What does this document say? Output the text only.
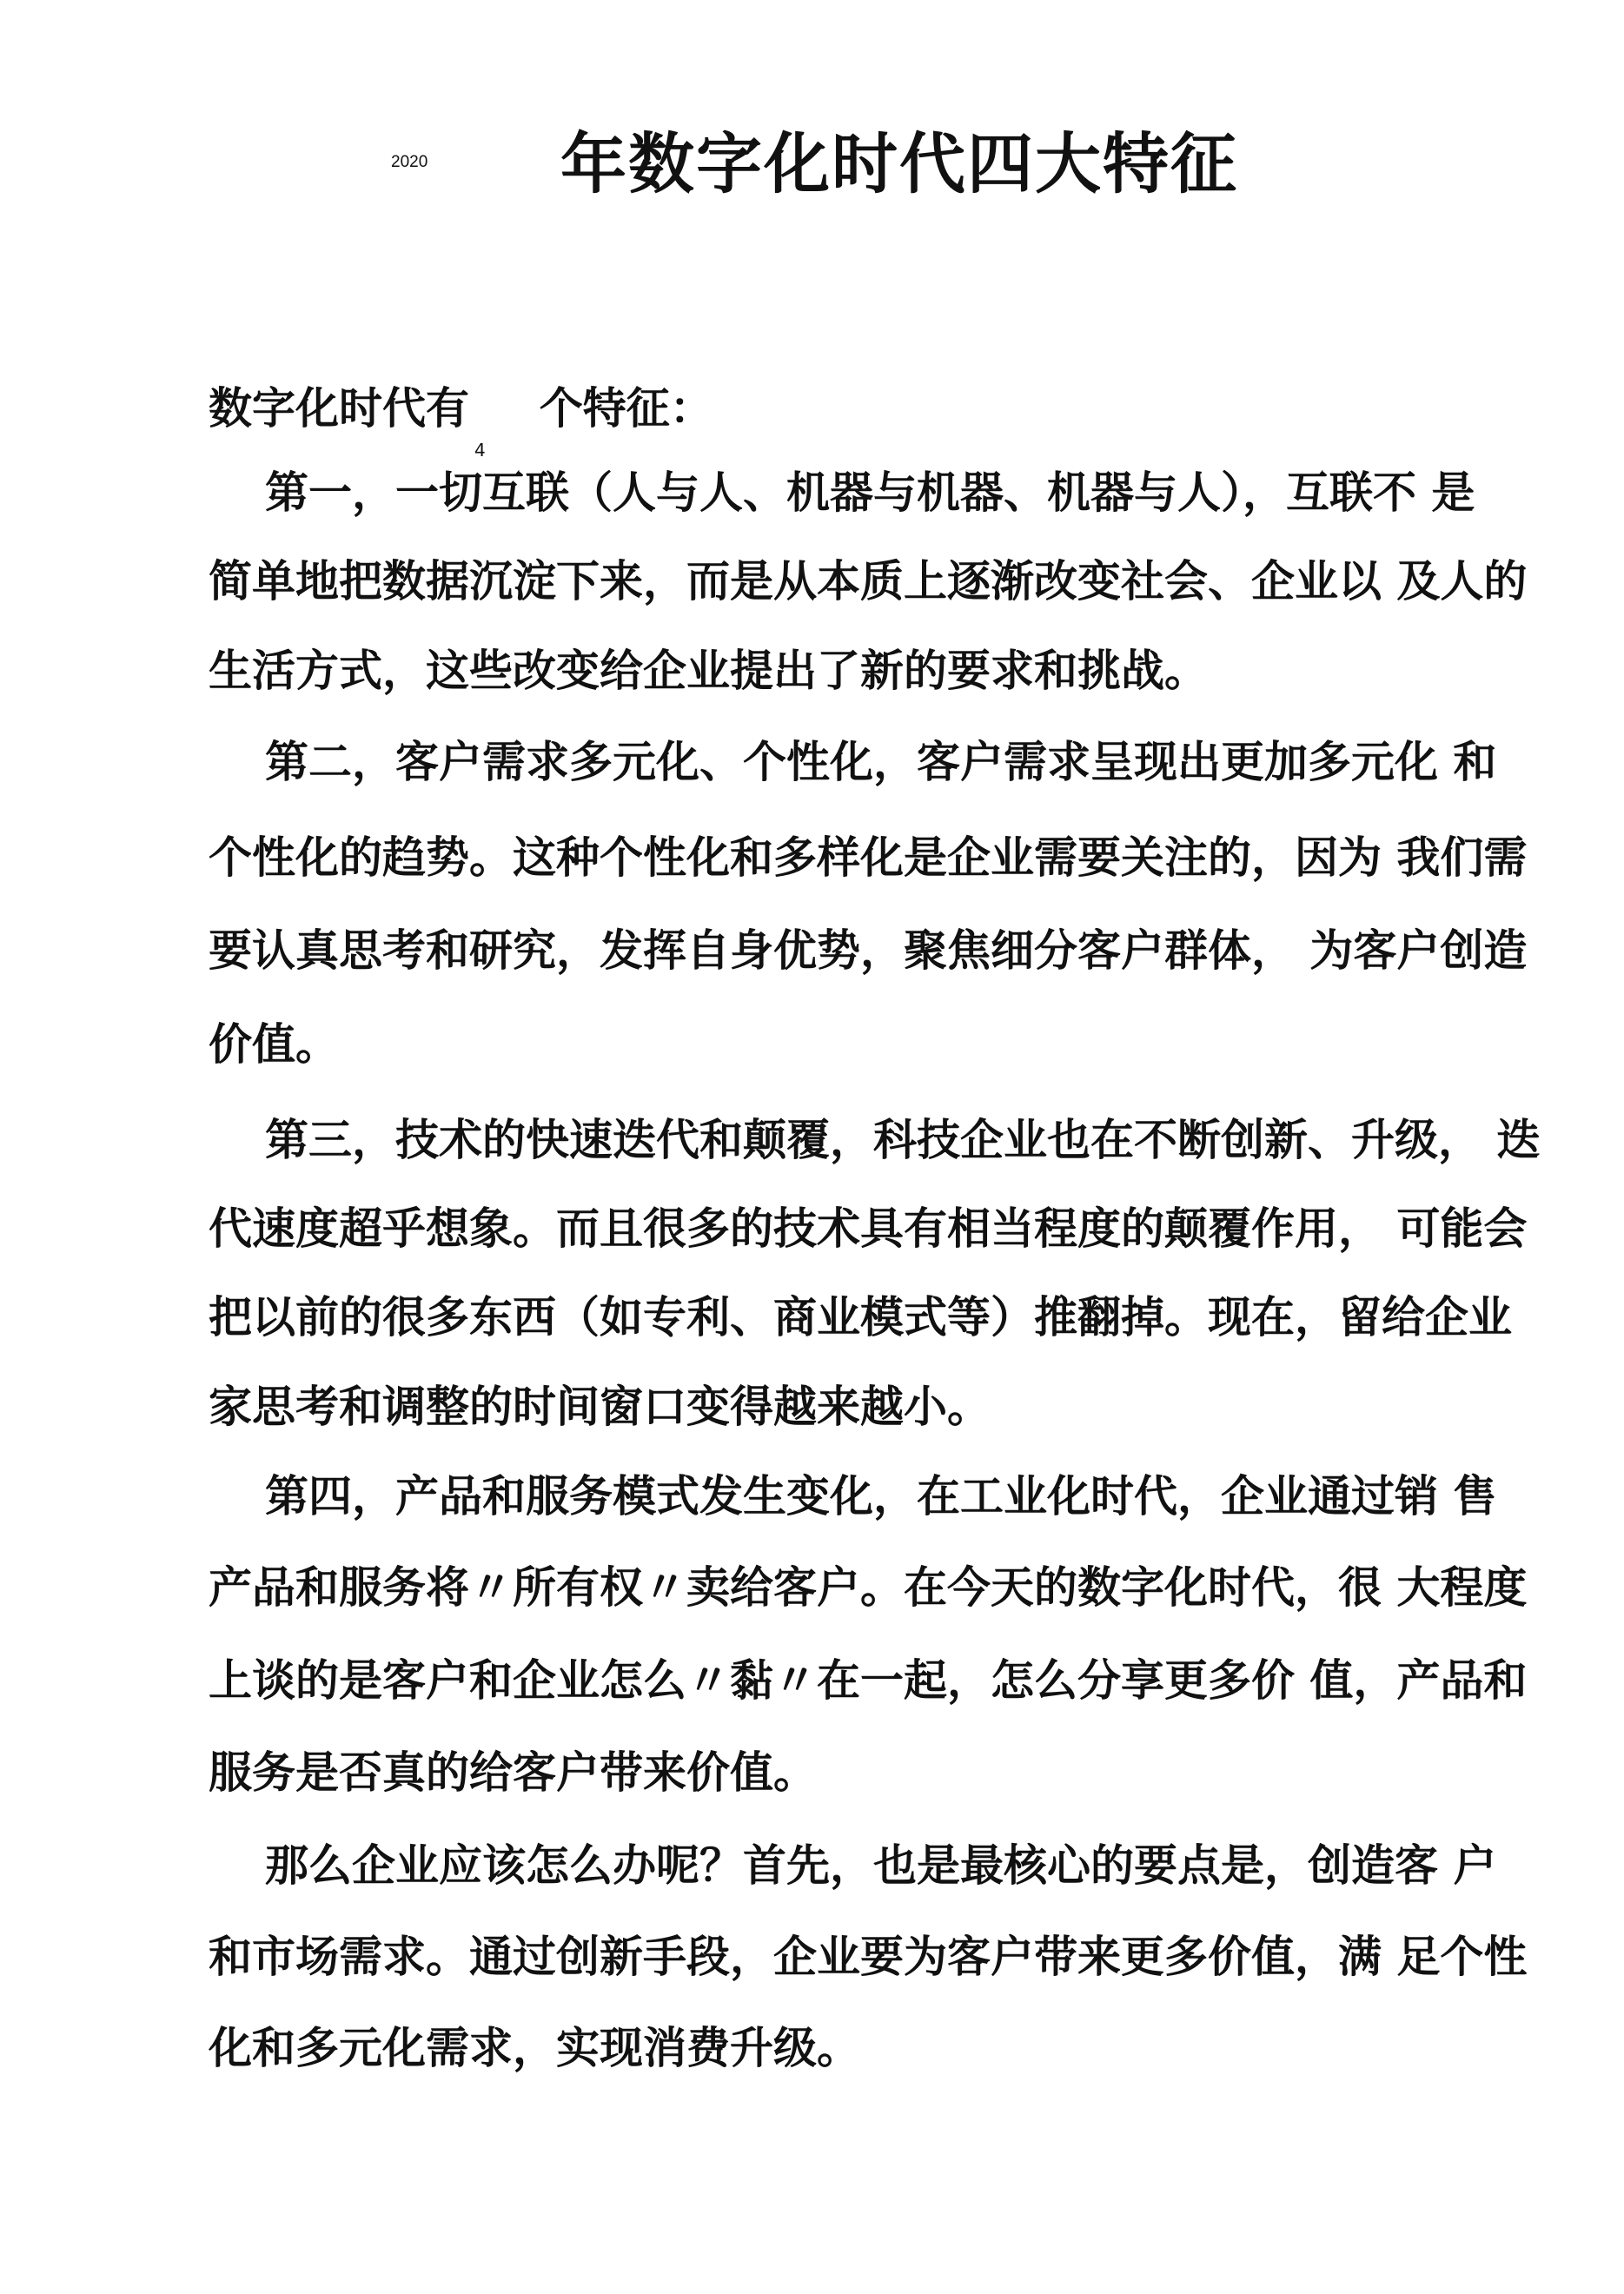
2020 年数字化时代四大特征
数字化时代有$_4$个特征：
第一，一切互联（人与人、机器与机器、机器与人），互联不 是
简单地把数据沉淀下来，而是从本质上逐渐改变社会、企业以 及人的
生活方式，这些改变给企业提出了新的要求和挑战。
第二，客户需求多元化、个性化，客户需求呈现出更加多元化 和
个性化的趋势。这种个性化和多样化是企业需要关注的，因为 我们需
要认真思考和研究，发挥自身优势，聚焦细分客户群体， 为客户创造
价值。
第三，技术的快速迭代和颠覆，科技企业也在不断创新、升级， 迭
代速度超乎想象。而且很多的技术具有相当程度的颠覆作用， 可能会
把以前的很多东西（如专利、商业模式等）推翻掉。现在，留给企业
家思考和调整的时间窗口变得越来越小。
第四，产品和服务模式发生变化，在工业化时代，企业通过销 售
产品和服务将〃所有权〃卖给客户。在今天的数字化时代，很 大程度
上谈的是客户和企业怎么〃黏〃在一起，怎么分享更多价 值，产品和
服务是否真的给客户带来价值。
那么企业应该怎么办呢？首先，也是最核心的要点是，创造客 户
和市场需求。通过创新手段，企业要为客户带来更多价值，满 足个性
化和多元化需求，实现消费升级。
